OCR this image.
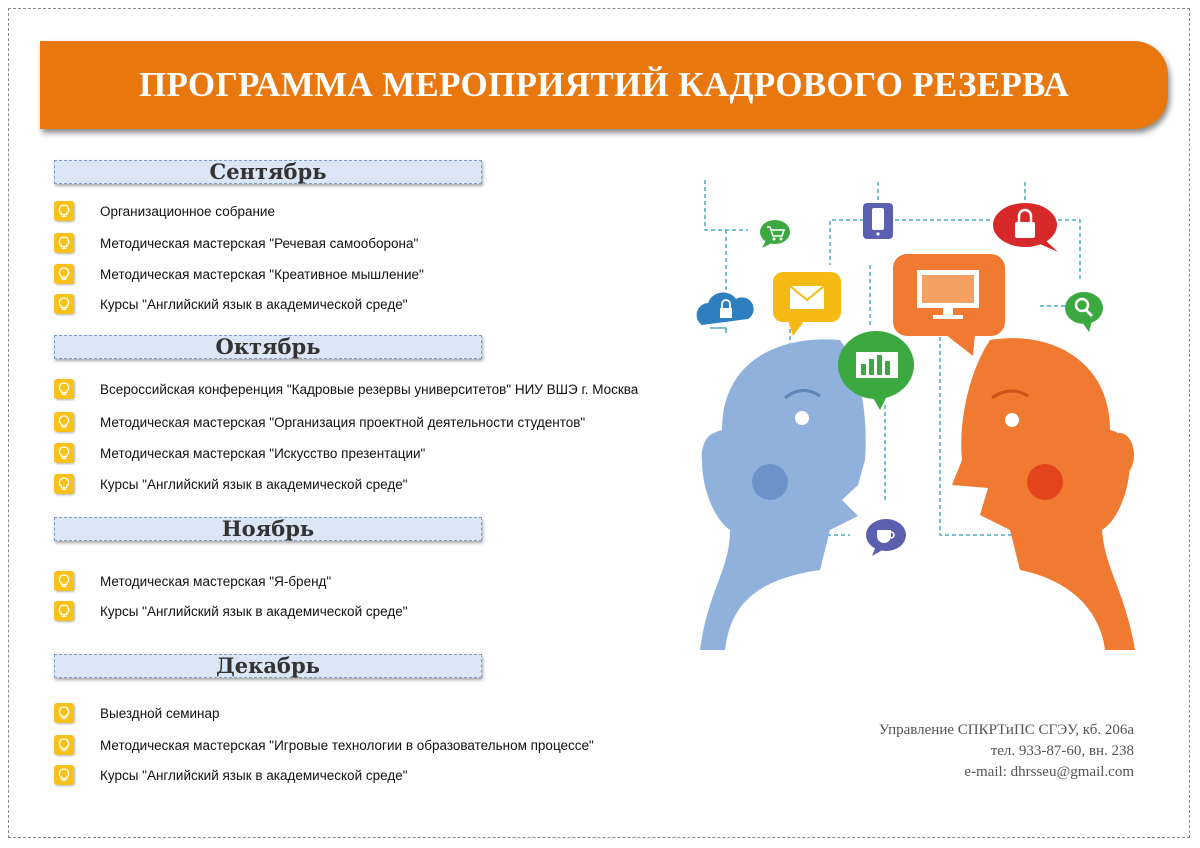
ПРОГРАММА МЕРОПРИЯТИЙ КАДРОВОГО РЕЗЕРВА
Сентябрь
Организационное собрание
Методическая мастерская "Речевая самооборона"
Методическая мастерская "Креативное мышление"
Курсы "Английский язык в академической среде"
Октябрь
Всероссийская конференция "Кадровые резервы университетов" НИУ ВШЭ г. Москва
Методическая мастерская "Организация проектной деятельности студентов"
Методическая мастерская "Искусство презентации"
Курсы "Английский язык в академической среде"
Ноябрь
Методическая мастерская "Я-бренд"
Курсы "Английский язык в академической среде"
Декабрь
Выездной семинар
Методическая мастерская "Игровые технологии в образовательном процессе"
Курсы "Английский язык в академической среде"
Управление СПКРТиПС СГЭУ, кб. 206а
тел. 933-87-60, вн. 238
e-mail: dhrsseu@gmail.com
